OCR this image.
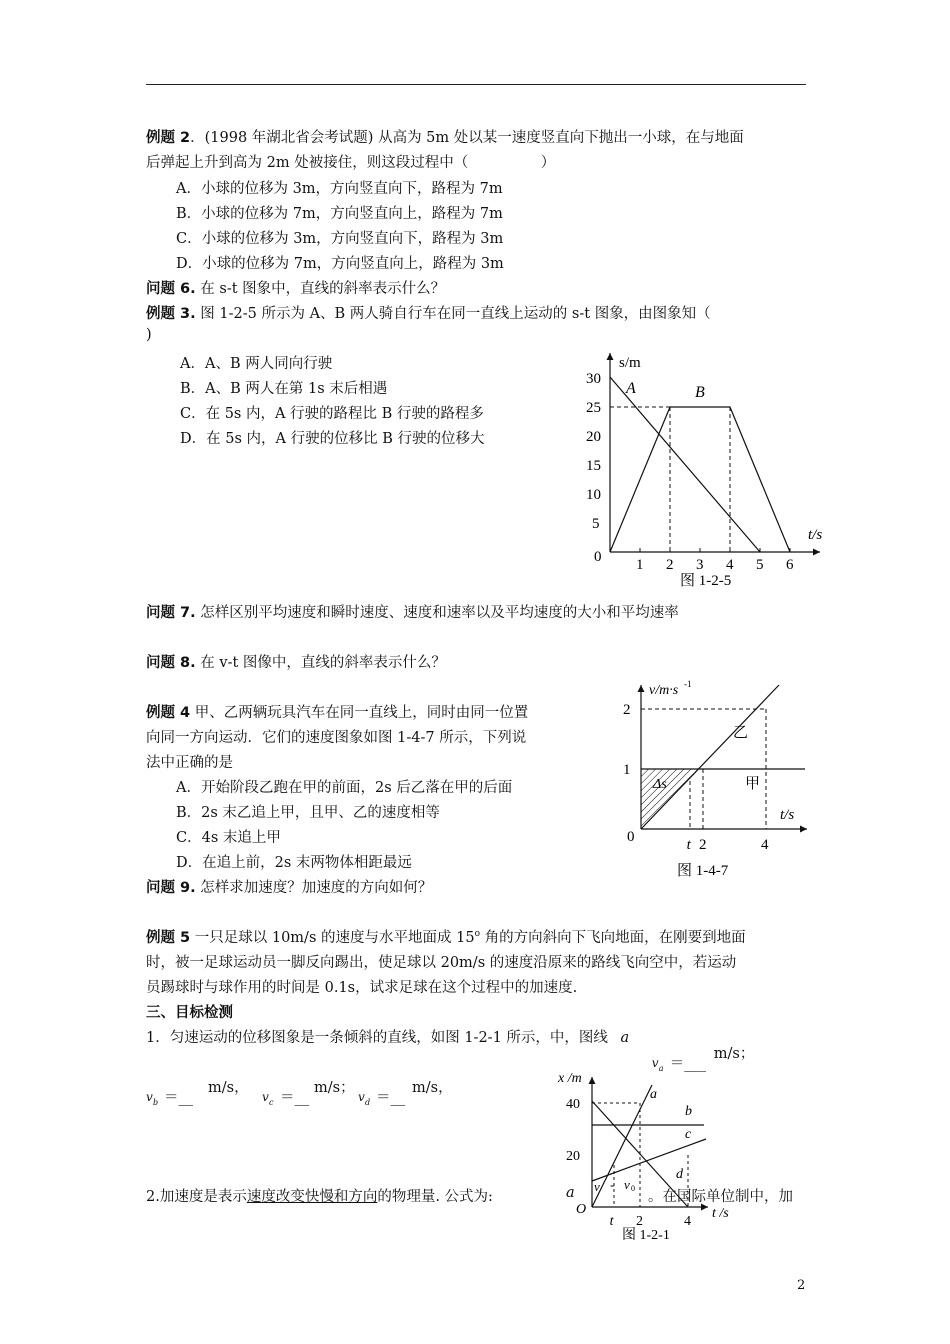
例题 2．(1998 年湖北省会考试题) 从高为 5m 处以某一速度竖直向下抛出一小球，在与地面
后弹起上升到高为 2m 处被接住，则这段过程中（　　　　　）
A．小球的位移为 3m，方向竖直向下，路程为 7m
B．小球的位移为 7m，方向竖直向上，路程为 7m
C．小球的位移为 3m，方向竖直向下，路程为 3m
D．小球的位移为 7m，方向竖直向上，路程为 3m
问题 6. 在 s-t 图象中，直线的斜率表示什么？
例题 3. 图 1-2-5 所示为 A、B 两人骑自行车在同一直线上运动的 s-t 图象，由图象知（
)
A．A、B 两人同向行驶
B．A、B 两人在第 1s 末后相遇
C．在 5s 内，A 行驶的路程比 B 行驶的路程多
D．在 5s 内，A 行驶的位移比 B 行驶的位移大
s/m
t/s
0
30
25
20
15
10
5
1 2 3 4 5 6
A	B
图 1-2-5
问题 7. 怎样区别平均速度和瞬时速度、速度和速率以及平均速度的大小和平均速率
问题 8. 在 v-t 图像中，直线的斜率表示什么？
例题 4 甲、乙两辆玩具汽车在同一直线上，同时由同一位置
向同一方向运动．它们的速度图象如图 1-4-7 所示，下列说
法中正确的是
A．开始阶段乙跑在甲的前面，2s 后乙落在甲的后面
B．2s 末乙追上甲，且甲、乙的速度相等
C．4s 末追上甲
D．在追上前，2s 末两物体相距最远
v/m·s -1
t/s
0
2
1
t 2	4
Δs	甲
乙
图 1-4-7
问题 9. 怎样求加速度？加速度的方向如何？
例题 5 一只足球以 10m/s 的速度与水平地面成 15$^o$ 角的方向斜向下飞向地面，在刚要到地面
时，被一足球运动员一脚反向踢出，使足球以 20m/s 的速度沿原来的路线飞向空中，若运动
员踢球时与球作用的时间是 0.1s，试求足球在这个过程中的加速度.
三、目标检测
1．匀速运动的位移图象是一条倾斜的直线，如图 1-2-1 所示，中，图线 a
v a ＝___
m/s；
v b ＝__
m/s，
v c ＝__
m/s；
v d ＝__
m/s，
x /m
t /s
O
40
20
t 2	4
a
b
c
d
v - v 0
图 1-2-1
2.加速度是表示速度改变快慢和方向的物理量. 公式为:	a	。在国际单位制中，加
2
